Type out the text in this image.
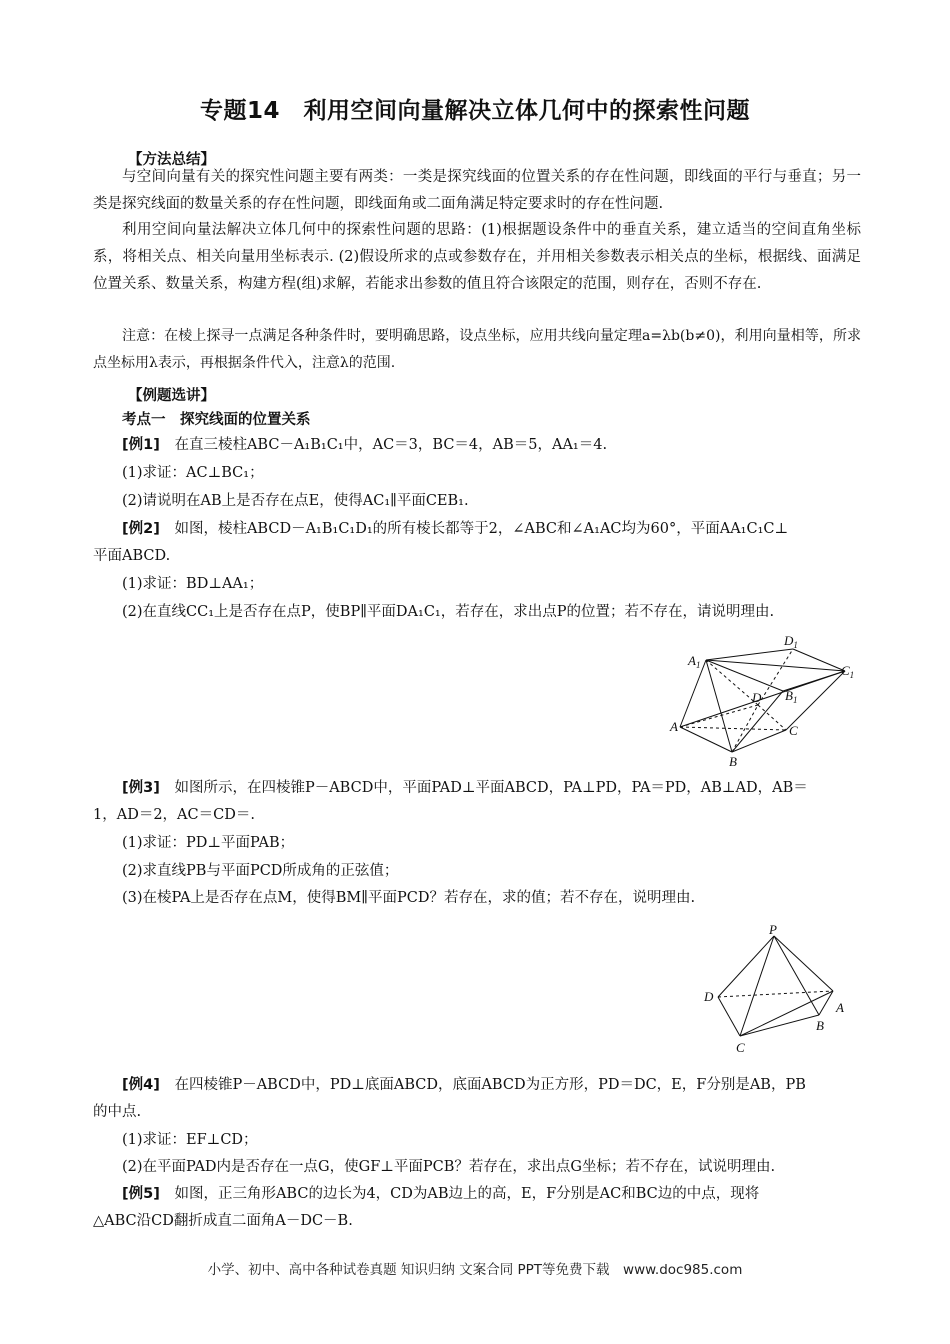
专题14　利用空间向量解决立体几何中的探索性问题
【方法总结】
与空间向量有关的探究性问题主要有两类：一类是探究线面的位置关系的存在性问题，即线面的平行与垂直；另一类是探究线面的数量关系的存在性问题，即线面角或二面角满足特定要求时的存在性问题.
利用空间向量法解决立体几何中的探索性问题的思路：(1)根据题设条件中的垂直关系，建立适当的空间直角坐标系，将相关点、相关向量用坐标表示. (2)假设所求的点或参数存在，并用相关参数表示相关点的坐标，根据线、面满足位置关系、数量关系，构建方程(组)求解，若能求出参数的值且符合该限定的范围，则存在，否则不存在.
注意：在棱上探寻一点满足各种条件时，要明确思路，设点坐标，应用共线向量定理a=λb(b≠0)，利用向量相等，所求点坐标用λ表示，再根据条件代入，注意λ的范围.
【例题选讲】
考点一　探究线面的位置关系
[例1] 在直三棱柱ABC－A₁B₁C₁中，AC＝3，BC＝4，AB＝5，AA₁＝4.
(1)求证：AC⊥BC₁；
(2)请说明在AB上是否存在点E，使得AC₁∥平面CEB₁.
[例2] 如图，棱柱ABCD－A₁B₁C₁D₁的所有棱长都等于2，∠ABC和∠A₁AC均为60°，平面AA₁C₁C⊥
平面ABCD.
(1)求证：BD⊥AA₁；
(2)在直线CC₁上是否存在点P，使BP∥平面DA₁C₁，若存在，求出点P的位置；若不存在，请说明理由.
$D_1$
$A_1$	$C_1$
$B_1$
D
A	C
B
[例3] 如图所示，在四棱锥P－ABCD中，平面PAD⊥平面ABCD，PA⊥PD，PA＝PD，AB⊥AD，AB＝
1，AD＝2，AC＝CD＝.
(1)求证：PD⊥平面PAB；
(2)求直线PB与平面PCD所成角的正弦值；
(3)在棱PA上是否存在点M，使得BM∥平面PCD？若存在，求的值；若不存在，说明理由.
P
D
A
B
C
[例4] 在四棱锥P－ABCD中，PD⊥底面ABCD，底面ABCD为正方形，PD＝DC，E，F分别是AB，PB
的中点.
(1)求证：EF⊥CD；
(2)在平面PAD内是否存在一点G，使GF⊥平面PCB？若存在，求出点G坐标；若不存在，试说明理由.
[例5] 如图，正三角形ABC的边长为4，CD为AB边上的高，E，F分别是AC和BC边的中点，现将
△ABC沿CD翻折成直二面角A－DC－B.
小学、初中、高中各种试卷真题 知识归纳 文案合同 PPT等免费下载　www.doc985.com
